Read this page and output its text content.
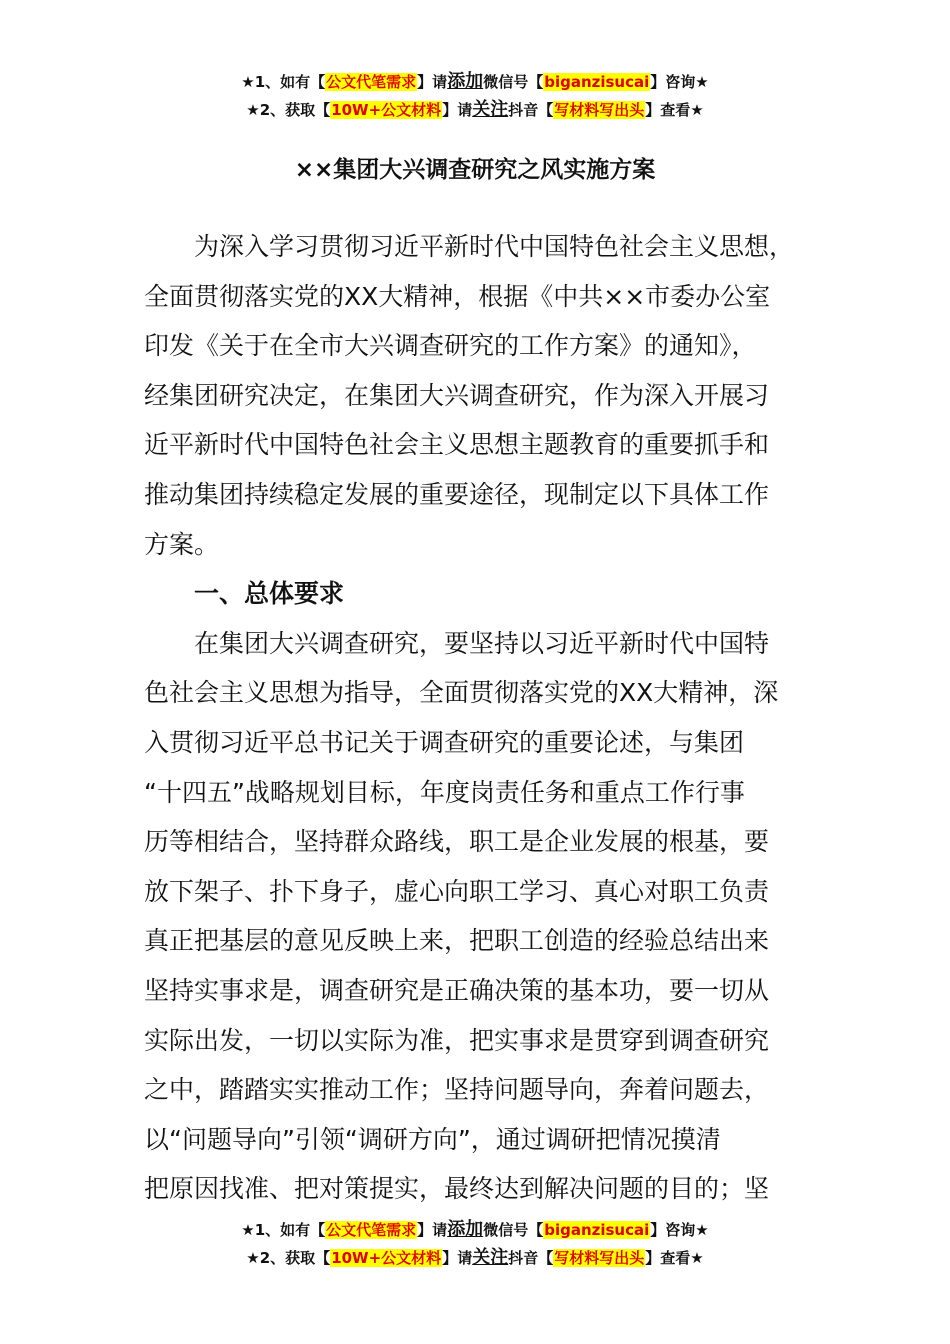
★1、如有【公文代笔需求】请添加微信号【biganzisucai】咨询★
★2、获取【10W+公文材料】请关注抖音【写材料写出头】查看★
××集团大兴调查研究之风实施方案
为深入学习贯彻习近平新时代中国特色社会主义思想，
全面贯彻落实党的XX大精神，根据《中共××市委办公室
印发《关于在全市大兴调查研究的工作方案》的通知》，
经集团研究决定，在集团大兴调查研究，作为深入开展习
近平新时代中国特色社会主义思想主题教育的重要抓手和
推动集团持续稳定发展的重要途径，现制定以下具体工作
方案。
一、总体要求
在集团大兴调查研究，要坚持以习近平新时代中国特
色社会主义思想为指导，全面贯彻落实党的XX大精神，深
入贯彻习近平总书记关于调查研究的重要论述，与集团
“十四五”战略规划目标，年度岗责任务和重点工作行事
历等相结合，坚持群众路线，职工是企业发展的根基，要
放下架子、扑下身子，虚心向职工学习、真心对职工负责
真正把基层的意见反映上来，把职工创造的经验总结出来
坚持实事求是，调查研究是正确决策的基本功，要一切从
实际出发，一切以实际为准，把实事求是贯穿到调查研究
之中，踏踏实实推动工作；坚持问题导向，奔着问题去，
以“问题导向”引领“调研方向”，通过调研把情况摸清
把原因找准、把对策提实，最终达到解决问题的目的；坚
★1、如有【公文代笔需求】请添加微信号【biganzisucai】咨询★
★2、获取【10W+公文材料】请关注抖音【写材料写出头】查看★
